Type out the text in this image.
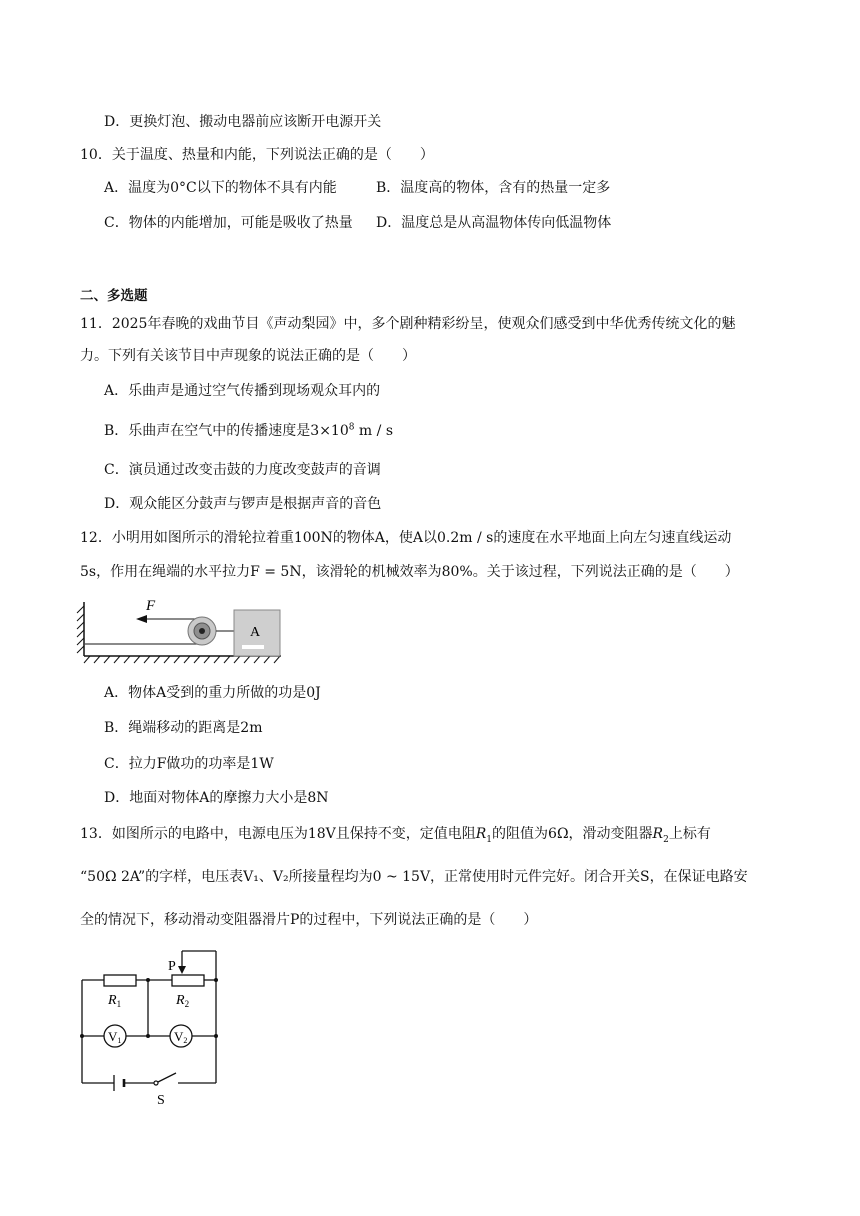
D．更换灯泡、搬动电器前应该断开电源开关
10．关于温度、热量和内能，下列说法正确的是（　　）
A．温度为0°C以下的物体不具有内能	B．温度高的物体，含有的热量一定多
C．物体的内能增加，可能是吸收了热量 D．温度总是从高温物体传向低温物体
二、多选题
11．2025年春晚的戏曲节目《声动梨园》中，多个剧种精彩纷呈，使观众们感受到中华优秀传统文化的魅
力。下列有关该节目中声现象的说法正确的是（　　）
A．乐曲声是通过空气传播到现场观众耳内的
B．乐曲声在空气中的传播速度是$3\times 10^8$ m / s
C．演员通过改变击鼓的力度改变鼓声的音调
D．观众能区分鼓声与锣声是根据声音的音色
12．小明用如图所示的滑轮拉着重100N的物体A，使A以0.2m / s的速度在水平地面上向左匀速直线运动
5s，作用在绳端的水平拉力F = 5N，该滑轮的机械效率为80%。关于该过程，下列说法正确的是（　　）
F
A
A．物体A受到的重力所做的功是0J
B．绳端移动的距离是2m
C．拉力F做功的功率是1W
D．地面对物体A的摩擦力大小是8N
13．如图所示的电路中，电源电压为18V且保持不变，定值电阻$R_1$的阻值为6Ω，滑动变阻器$R_2$上标有
“50Ω 2A”的字样，电压表V₁、V₂所接量程均为0 ~ 15V，正常使用时元件完好。闭合开关S，在保证电路安
全的情况下，移动滑动变阻器滑片P的过程中，下列说法正确的是（　　）
P
$R_1$	$R_2$
V1	V2
S
